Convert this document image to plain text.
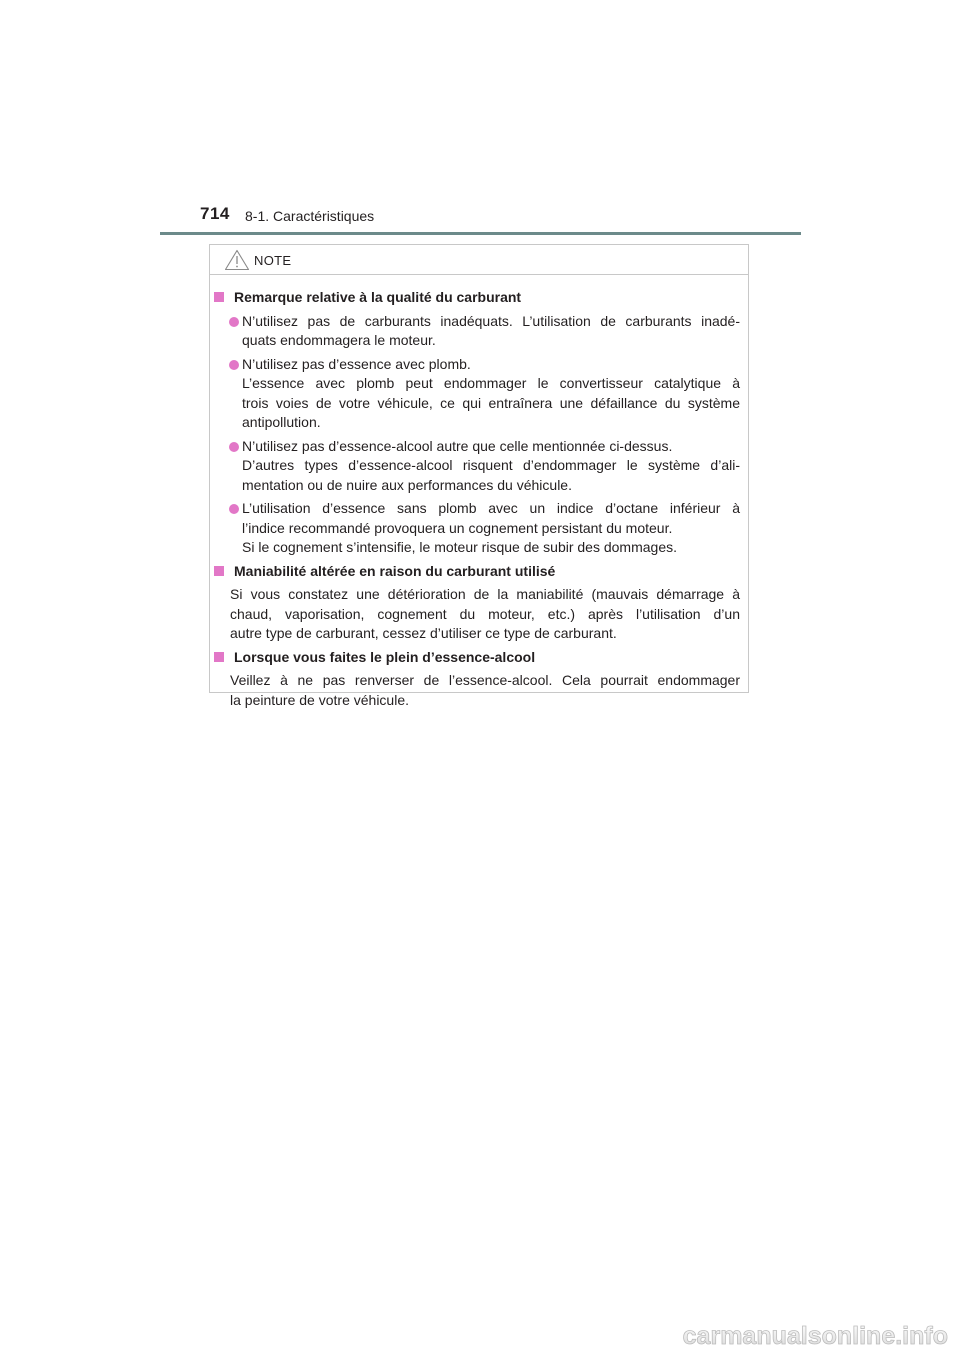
714 8-1. Caractéristiques
NOTE
Remarque relative à la qualité du carburant
N’utilisez pas de carburants inadéquats. L’utilisation de carburants inadé-
quats endommagera le moteur.
N’utilisez pas d’essence avec plomb.
L’essence avec plomb peut endommager le convertisseur catalytique à
trois voies de votre véhicule, ce qui entraînera une défaillance du système
antipollution.
N’utilisez pas d’essence-alcool autre que celle mentionnée ci-dessus.
D’autres types d’essence-alcool risquent d’endommager le système d’ali-
mentation ou de nuire aux performances du véhicule.
L’utilisation d’essence sans plomb avec un indice d’octane inférieur à
l’indice recommandé provoquera un cognement persistant du moteur.
Si le cognement s’intensifie, le moteur risque de subir des dommages.
Maniabilité altérée en raison du carburant utilisé
Si vous constatez une détérioration de la maniabilité (mauvais démarrage à
chaud, vaporisation, cognement du moteur, etc.) après l’utilisation d’un
autre type de carburant, cessez d’utiliser ce type de carburant.
Lorsque vous faites le plein d’essence-alcool
Veillez à ne pas renverser de l’essence-alcool. Cela pourrait endommager
la peinture de votre véhicule.
carmanualsonline.info
